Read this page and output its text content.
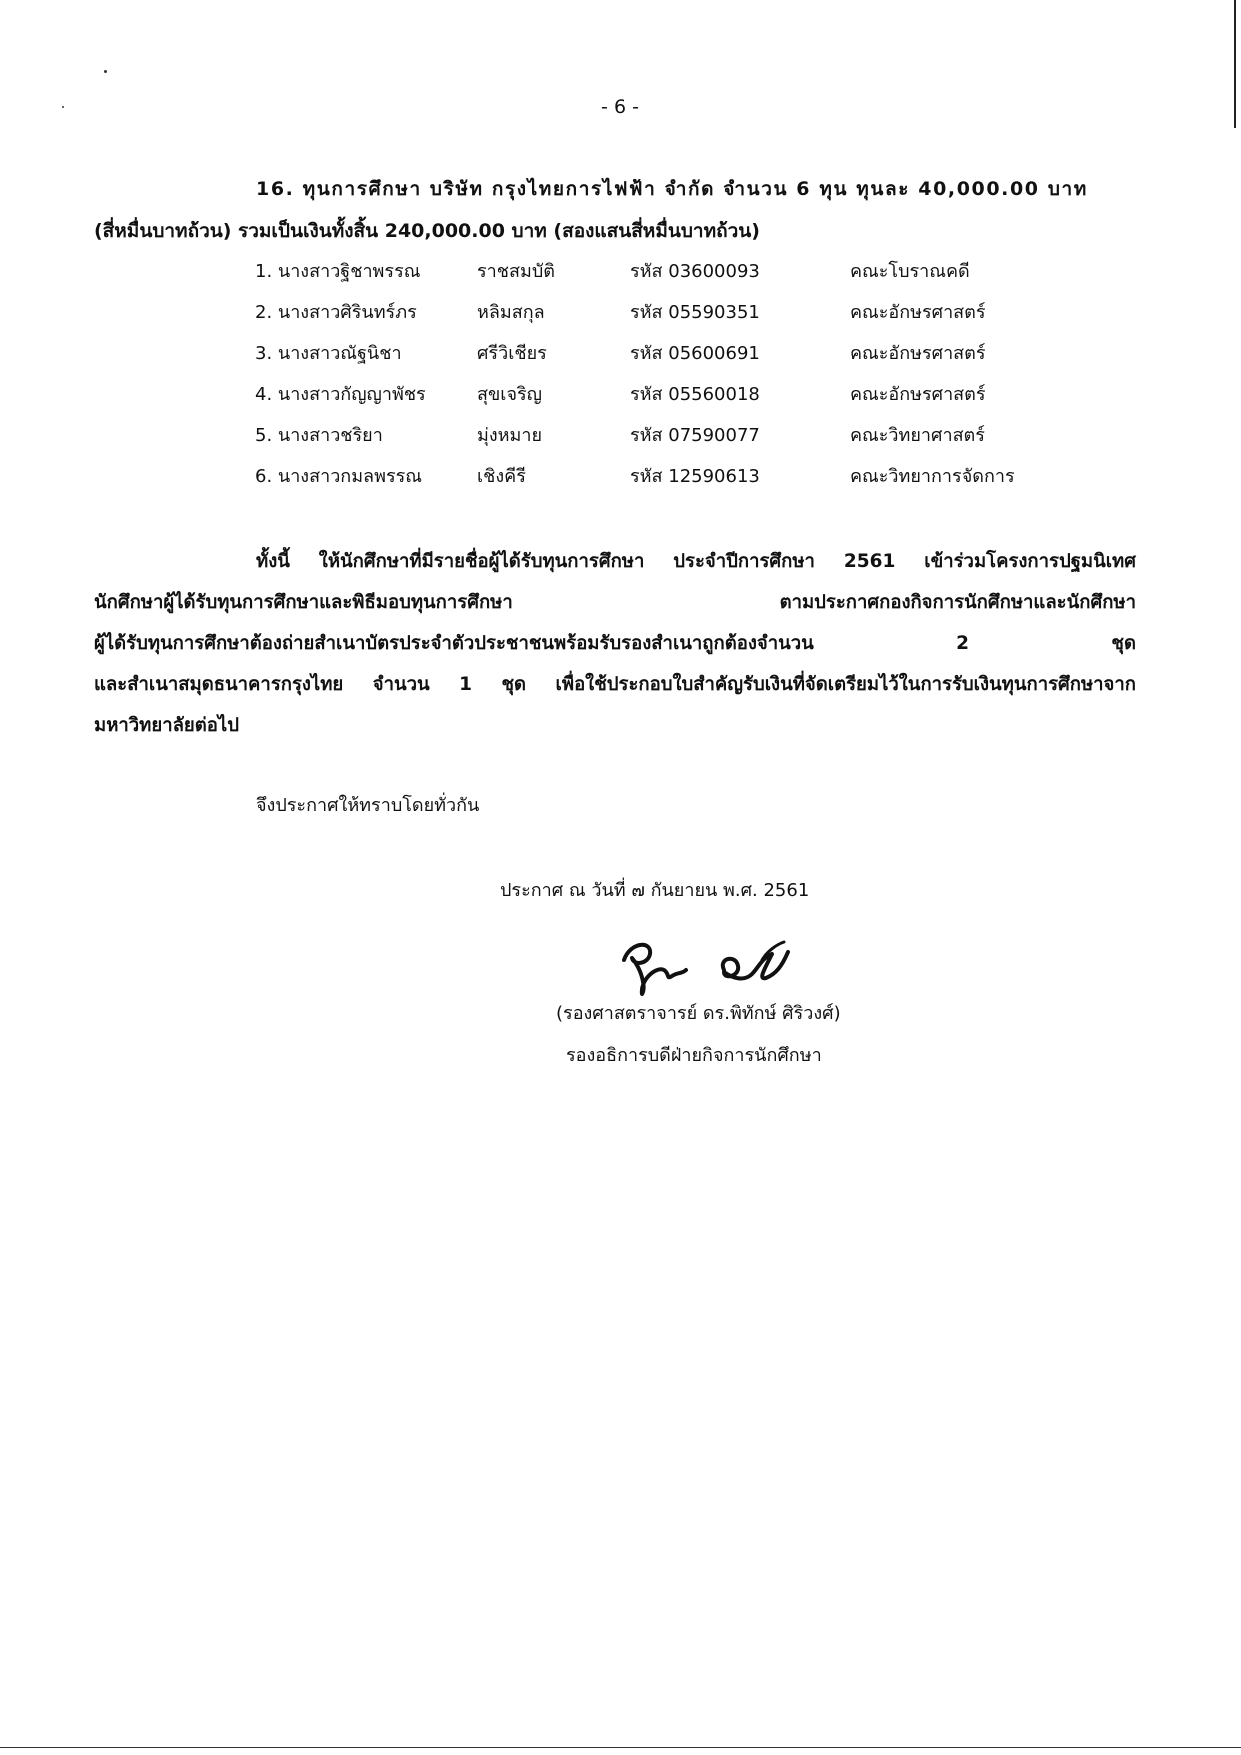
- 6 -
16. ทุนการศึกษา บริษัท กรุงไทยการไฟฟ้า จำกัด จำนวน 6 ทุน ทุนละ 40,000.00 บาท
(สี่หมื่นบาทถ้วน) รวมเป็นเงินทั้งสิ้น 240,000.00 บาท (สองแสนสี่หมื่นบาทถ้วน)
1. นางสาวฐิชาพรรณ	ราชสมบัติ	รหัส 03600093	คณะโบราณคดี
2. นางสาวศิรินทร์ภร	หลิมสกุล	รหัส 05590351	คณะอักษรศาสตร์
3. นางสาวณัฐนิชา	ศรีวิเชียร	รหัส 05600691	คณะอักษรศาสตร์
4. นางสาวกัญญาพัชร	สุขเจริญ	รหัส 05560018	คณะอักษรศาสตร์
5. นางสาวชริยา	มุ่งหมาย	รหัส 07590077	คณะวิทยาศาสตร์
6. นางสาวกมลพรรณ	เชิงคีรี	รหัส 12590613	คณะวิทยาการจัดการ
ทั้งนี้ ให้นักศึกษาที่มีรายชื่อผู้ได้รับทุนการศึกษา ประจำปีการศึกษา 2561 เข้าร่วมโครงการปฐมนิเทศ
นักศึกษาผู้ได้รับทุนการศึกษาและพิธีมอบทุนการศึกษา ตามประกาศกองกิจการนักศึกษาและนักศึกษา
ผู้ได้รับทุนการศึกษาต้องถ่ายสำเนาบัตรประจำตัวประชาชนพร้อมรับรองสำเนาถูกต้องจำนวน 2 ชุด
และสำเนาสมุดธนาคารกรุงไทย จำนวน 1 ชุด เพื่อใช้ประกอบใบสำคัญรับเงินที่จัดเตรียมไว้ในการรับเงินทุนการศึกษาจาก
มหาวิทยาลัยต่อไป
จึงประกาศให้ทราบโดยทั่วกัน
ประกาศ ณ วันที่ ๗ กันยายน พ.ศ. 2561
(รองศาสตราจารย์ ดร.พิทักษ์ ศิริวงศ์)
รองอธิการบดีฝ่ายกิจการนักศึกษา
